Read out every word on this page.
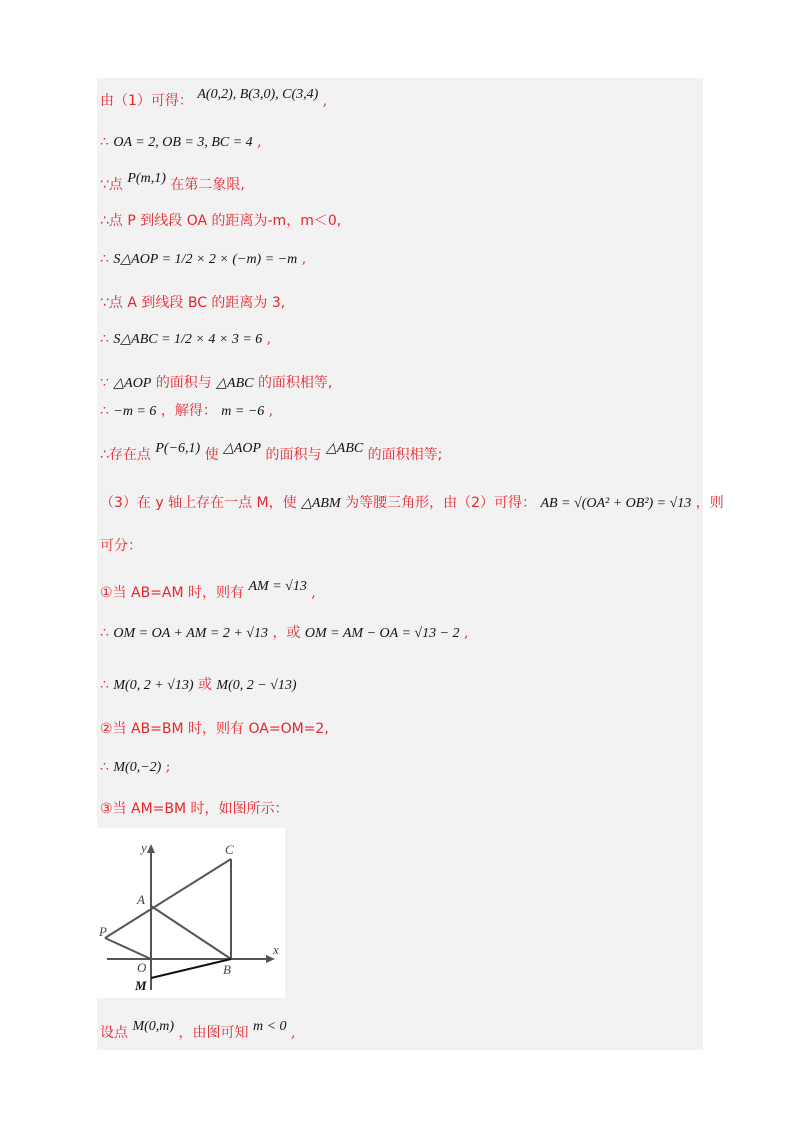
由（1）可得： A(0,2), B(3,0), C(3,4) ,
∴ OA = 2, OB = 3, BC = 4 ,
∵点 P(m,1) 在第二象限,
∴点 P 到线段 OA 的距离为-m，m＜0,
∴ S△AOP = 1/2 × 2 × (−m) = −m ,
∵点 A 到线段 BC 的距离为 3,
∴ S△ABC = 1/2 × 4 × 3 = 6 ,
∵ △AOP 的面积与 △ABC 的面积相等,
∴ −m = 6 ，解得： m = −6 ,
∴存在点 P(−6,1) 使 △AOP 的面积与 △ABC 的面积相等;
（3）在 y 轴上存在一点 M，使 △ABM 为等腰三角形，由（2）可得： AB = √(OA² + OB²) = √13 ，则
可分：
①当 AB=AM 时，则有 AM = √13 ,
∴ OM = OA + AM = 2 + √13 ，或 OM = AM − OA = √13 − 2 ,
∴ M(0, 2 + √13) 或 M(0, 2 − √13)
②当 AB=BM 时，则有 OA=OM=2,
∴ M(0,−2) ;
③当 AM=BM 时，如图所示：
y
x
C
A
P
O	B
M
设点 M(0,m) ，由图可知 m < 0 ,
